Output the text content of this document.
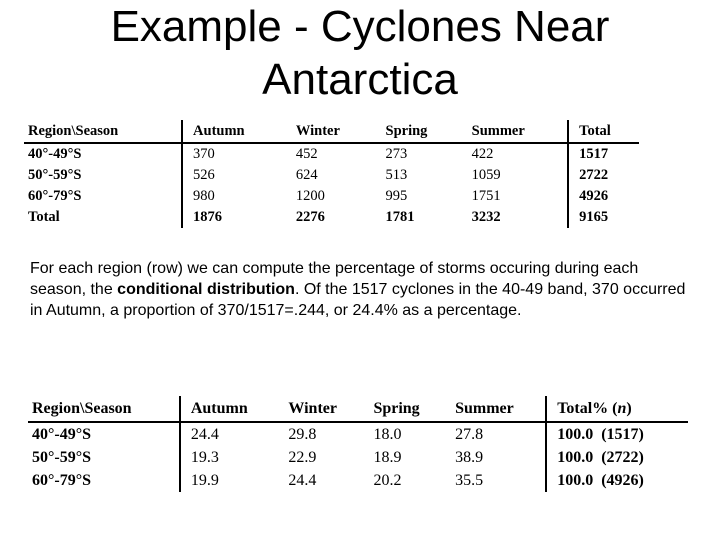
Example - Cyclones Near
Antarctica
Region\Season	Autumn	Winter	Spring	Summer	Total
40°-49°S	370	452	273	422	1517
50°-59°S	526	624	513	1059	2722
60°-79°S	980	1200	995	1751	4926
Total	1876	2276	1781	3232	9165
For each region (row) we can compute the percentage of storms occuring during each season, the conditional distribution. Of the 1517 cyclones in the 40-49 band, 370 occurred in Autumn, a proportion of 370/1517=.244, or 24.4% as a percentage.
Region\Season	Autumn	Winter	Spring	Summer	Total% (n)
40°-49°S	24.4	29.8	18.0	27.8	100.0  (1517)
50°-59°S	19.3	22.9	18.9	38.9	100.0  (2722)
60°-79°S	19.9	24.4	20.2	35.5	100.0  (4926)
